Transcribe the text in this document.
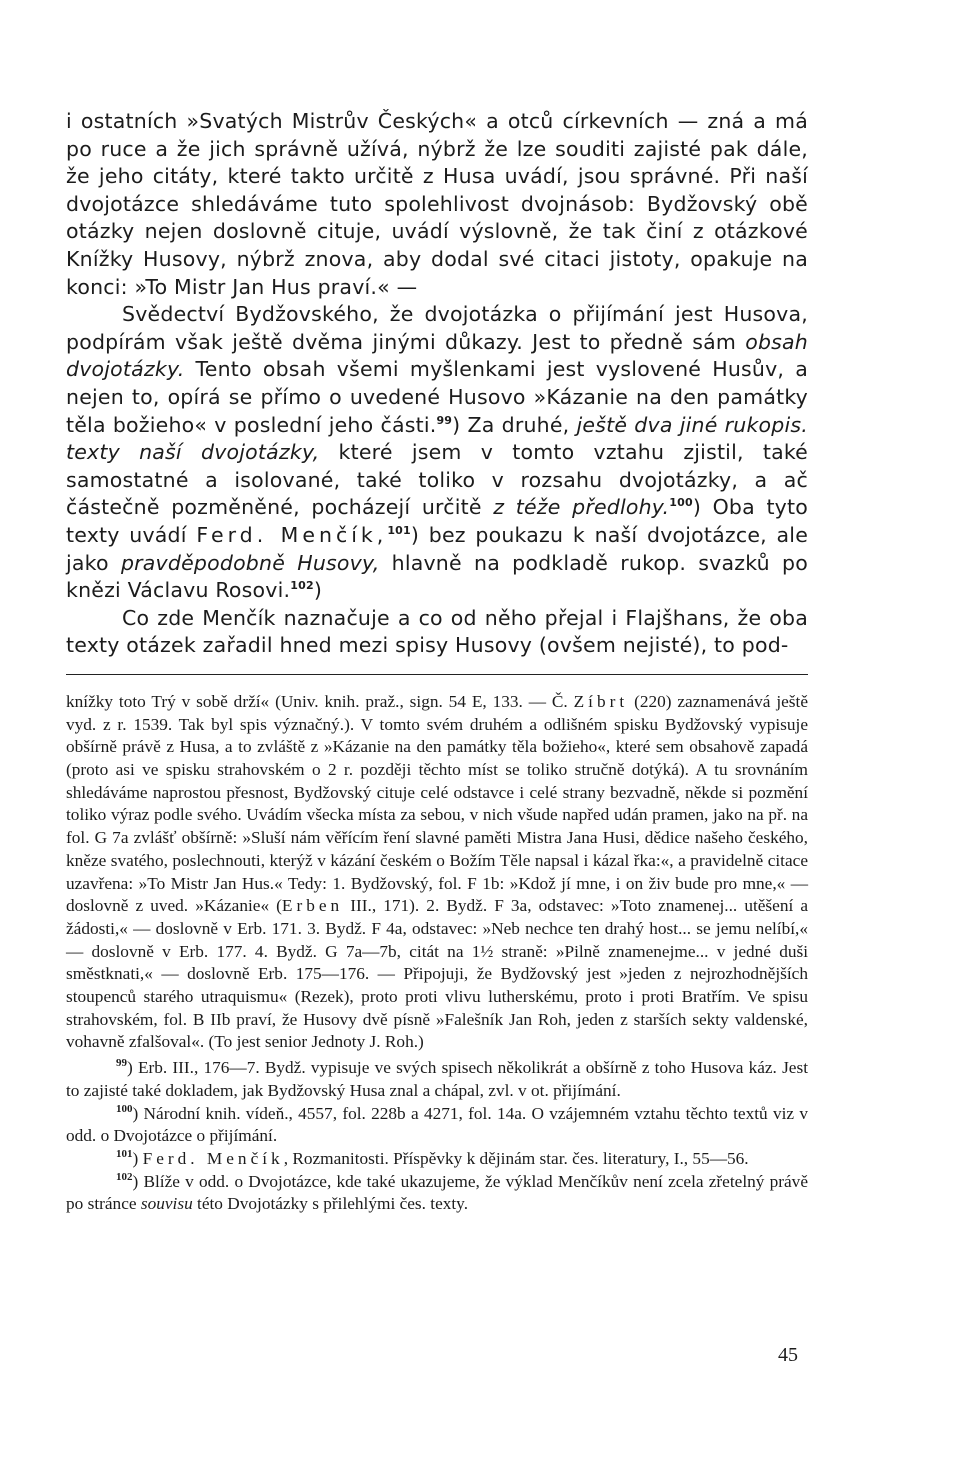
i ostatních »Svatých Mistrův Českých« a otců církevních — zná a má po ruce a že jich správně užívá, nýbrž že lze souditi zajisté pak dále, že jeho citáty, které takto určitě z Husa uvádí, jsou správné. Při naší dvojotázce shledáváme tuto spolehlivost dvojnásob: Bydžovský obě otázky nejen doslovně cituje, uvádí výslovně, že tak činí z otázkové Knížky Husovy, nýbrž znova, aby dodal své citaci jistoty, opakuje na konci: »To Mistr Jan Hus praví.« —

Svědectví Bydžovského, že dvojotázka o přijímání jest Husova, podpírám však ještě dvěma jinými důkazy. Jest to předně sám obsah dvojotázky. Tento obsah všemi myšlenkami jest vyslovené Husův, a nejen to, opírá se přímo o uvedené Husovo »Kázanie na den památky těla božieho« v poslední jeho části.$^{99}$) Za druhé, ještě dva jiné rukopis. texty naší dvojotázky, které jsem v tomto vztahu zjistil, také samostatné a isolované, také toliko v rozsahu dvojotázky, a ač částečně pozměněné, pocházejí určitě z téže předlohy.$^{100}$) Oba tyto texty uvádí Ferd. Menčík,$^{101}$) bez poukazu k naší dvojotázce, ale jako pravděpodobně Husovy, hlavně na podkladě rukop. svazků po knězi Václavu Rosovi.$^{102}$)

Co zde Menčík naznačuje a co od něho přejal i Flajšhans, že oba texty otázek zařadil hned mezi spisy Husovy (ovšem nejisté), to pod-

knížky toto Trý v sobě drží« (Univ. knih. praž., sign. 54 E, 133. — Č. Zíbrt (220) zaznamenává ještě vyd. z r. 1539. Tak byl spis význačný.). V tomto svém druhém a odlišném spisku Bydžovský vypisuje obšírně právě z Husa, a to zvláště z »Kázanie na den památky těla božieho«, které sem obsahově zapadá (proto asi ve spisku strahovském o 2 r. později těchto míst se toliko stručně dotýká). A tu srovnáním shledáváme naprostou přesnost, Bydžovský cituje celé odstavce i celé strany bezvadně, někde si pozmění toliko výraz podle svého. Uvádím všecka místa za sebou, v nich všude napřed udán pramen, jako na př. na fol. G 7a zvlášť obšírně: »Sluší nám věřícím ření slavné paměti Mistra Jana Husi, dědice našeho českého, kněze svatého, poslechnouti, kterýž v kázání českém o Božím Těle napsal i kázal řka:«, a pravidelně citace uzavřena: »To Mistr Jan Hus.« Tedy: 1. Bydžovský, fol. F 1b: »Kdož jí mne, i on živ bude pro mne,« — doslovně z uved. »Kázanie« (Erben III., 171). 2. Bydž. F 3a, odstavec: »Toto znamenej... utěšení a žádosti,« — doslovně v Erb. 171. 3. Bydž. F 4a, odstavec: »Neb nechce ten drahý host... se jemu nelíbí,« — doslovně v Erb. 177. 4. Bydž. G 7a—7b, citát na 1½ straně: »Pilně znamenejme... v jedné duši směstknati,« — doslovně Erb. 175—176. — Připojuji, že Bydžovský jest »jeden z nejrozhodnějších stoupenců starého utraquismu« (Rezek), proto proti vlivu lutherskému, proto i proti Bratřím. Ve spisu strahovském, fol. B IIb praví, že Husovy dvě písně »Falešník Jan Roh, jeden z starších sekty valdenské, vohavně zfalšoval«. (To jest senior Jednoty J. Roh.)

$^{99}$) Erb. III., 176—7. Bydž. vypisuje ve svých spisech několikrát a obšírně z toho Husova káz. Jest to zajisté také dokladem, jak Bydžovský Husa znal a chápal, zvl. v ot. přijímání.

$^{100}$) Národní knih. vídeň., 4557, fol. 228b a 4271, fol. 14a. O vzájemném vztahu těchto textů viz v odd. o Dvojotázce o přijímání.

$^{101}$) Ferd. Menčík, Rozmanitosti. Příspěvky k dějinám star. čes. literatury, I., 55—56.

$^{102}$) Blíže v odd. o Dvojotázce, kde také ukazujeme, že výklad Menčíkův není zcela zřetelný právě po stránce souvisu této Dvojotázky s přilehlými čes. texty.

45
